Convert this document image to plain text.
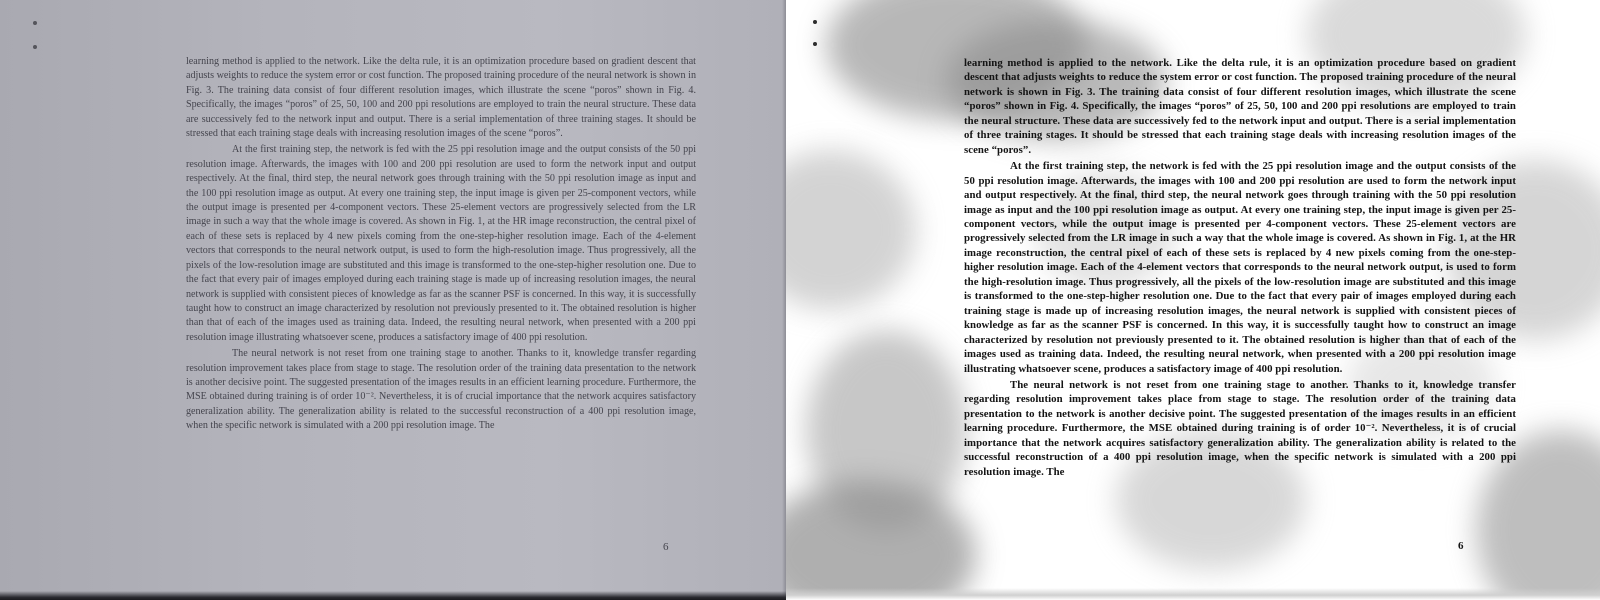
learning method is applied to the network. Like the delta rule, it is an optimization procedure based on gradient descent that adjusts weights to reduce the system error or cost function. The proposed training procedure of the neural network is shown in Fig. 3. The training data consist of four different resolution images, which illustrate the scene “poros” shown in Fig. 4. Specifically, the images “poros” of 25, 50, 100 and 200 ppi resolutions are employed to train the neural structure. These data are successively fed to the network input and output. There is a serial implementation of three training stages. It should be stressed that each training stage deals with increasing resolution images of the scene “poros”.

At the first training step, the network is fed with the 25 ppi resolution image and the output consists of the 50 ppi resolution image. Afterwards, the images with 100 and 200 ppi resolution are used to form the network input and output respectively. At the final, third step, the neural network goes through training with the 50 ppi resolution image as input and the 100 ppi resolution image as output. At every one training step, the input image is given per 25-component vectors, while the output image is presented per 4-component vectors. These 25-element vectors are progressively selected from the LR image in such a way that the whole image is covered. As shown in Fig. 1, at the HR image reconstruction, the central pixel of each of these sets is replaced by 4 new pixels coming from the one-step-higher resolution image. Each of the 4-element vectors that corresponds to the neural network output, is used to form the high-resolution image. Thus progressively, all the pixels of the low-resolution image are substituted and this image is transformed to the one-step-higher resolution one. Due to the fact that every pair of images employed during each training stage is made up of increasing resolution images, the neural network is supplied with consistent pieces of knowledge as far as the scanner PSF is concerned. In this way, it is successfully taught how to construct an image characterized by resolution not previously presented to it. The obtained resolution is higher than that of each of the images used as training data. Indeed, the resulting neural network, when presented with a 200 ppi resolution image illustrating whatsoever scene, produces a satisfactory image of 400 ppi resolution.

The neural network is not reset from one training stage to another. Thanks to it, knowledge transfer regarding resolution improvement takes place from stage to stage. The resolution order of the training data presentation to the network is another decisive point. The suggested presentation of the images results in an efficient learning procedure. Furthermore, the MSE obtained during training is of order 10⁻². Nevertheless, it is of crucial importance that the network acquires satisfactory generalization ability. The generalization ability is related to the successful reconstruction of a 400 ppi resolution image, when the specific network is simulated with a 200 ppi resolution image. The

6

learning method is applied to the network. Like the delta rule, it is an optimization procedure based on gradient descent that adjusts weights to reduce the system error or cost function. The proposed training procedure of the neural network is shown in Fig. 3. The training data consist of four different resolution images, which illustrate the scene “poros” shown in Fig. 4. Specifically, the images “poros” of 25, 50, 100 and 200 ppi resolutions are employed to train the neural structure. These data are successively fed to the network input and output. There is a serial implementation of three training stages. It should be stressed that each training stage deals with increasing resolution images of the scene “poros”.

At the first training step, the network is fed with the 25 ppi resolution image and the output consists of the 50 ppi resolution image. Afterwards, the images with 100 and 200 ppi resolution are used to form the network input and output respectively. At the final, third step, the neural network goes through training with the 50 ppi resolution image as input and the 100 ppi resolution image as output. At every one training step, the input image is given per 25-component vectors, while the output image is presented per 4-component vectors. These 25-element vectors are progressively selected from the LR image in such a way that the whole image is covered. As shown in Fig. 1, at the HR image reconstruction, the central pixel of each of these sets is replaced by 4 new pixels coming from the one-step-higher resolution image. Each of the 4-element vectors that corresponds to the neural network output, is used to form the high-resolution image. Thus progressively, all the pixels of the low-resolution image are substituted and this image is transformed to the one-step-higher resolution one. Due to the fact that every pair of images employed during each training stage is made up of increasing resolution images, the neural network is supplied with consistent pieces of knowledge as far as the scanner PSF is concerned. In this way, it is successfully taught how to construct an image characterized by resolution not previously presented to it. The obtained resolution is higher than that of each of the images used as training data. Indeed, the resulting neural network, when presented with a 200 ppi resolution image illustrating whatsoever scene, produces a satisfactory image of 400 ppi resolution.

The neural network is not reset from one training stage to another. Thanks to it, knowledge transfer regarding resolution improvement takes place from stage to stage. The resolution order of the training data presentation to the network is another decisive point. The suggested presentation of the images results in an efficient learning procedure. Furthermore, the MSE obtained during training is of order 10⁻². Nevertheless, it is of crucial importance that the network acquires satisfactory generalization ability. The generalization ability is related to the successful reconstruction of a 400 ppi resolution image, when the specific network is simulated with a 200 ppi resolution image. The

6
